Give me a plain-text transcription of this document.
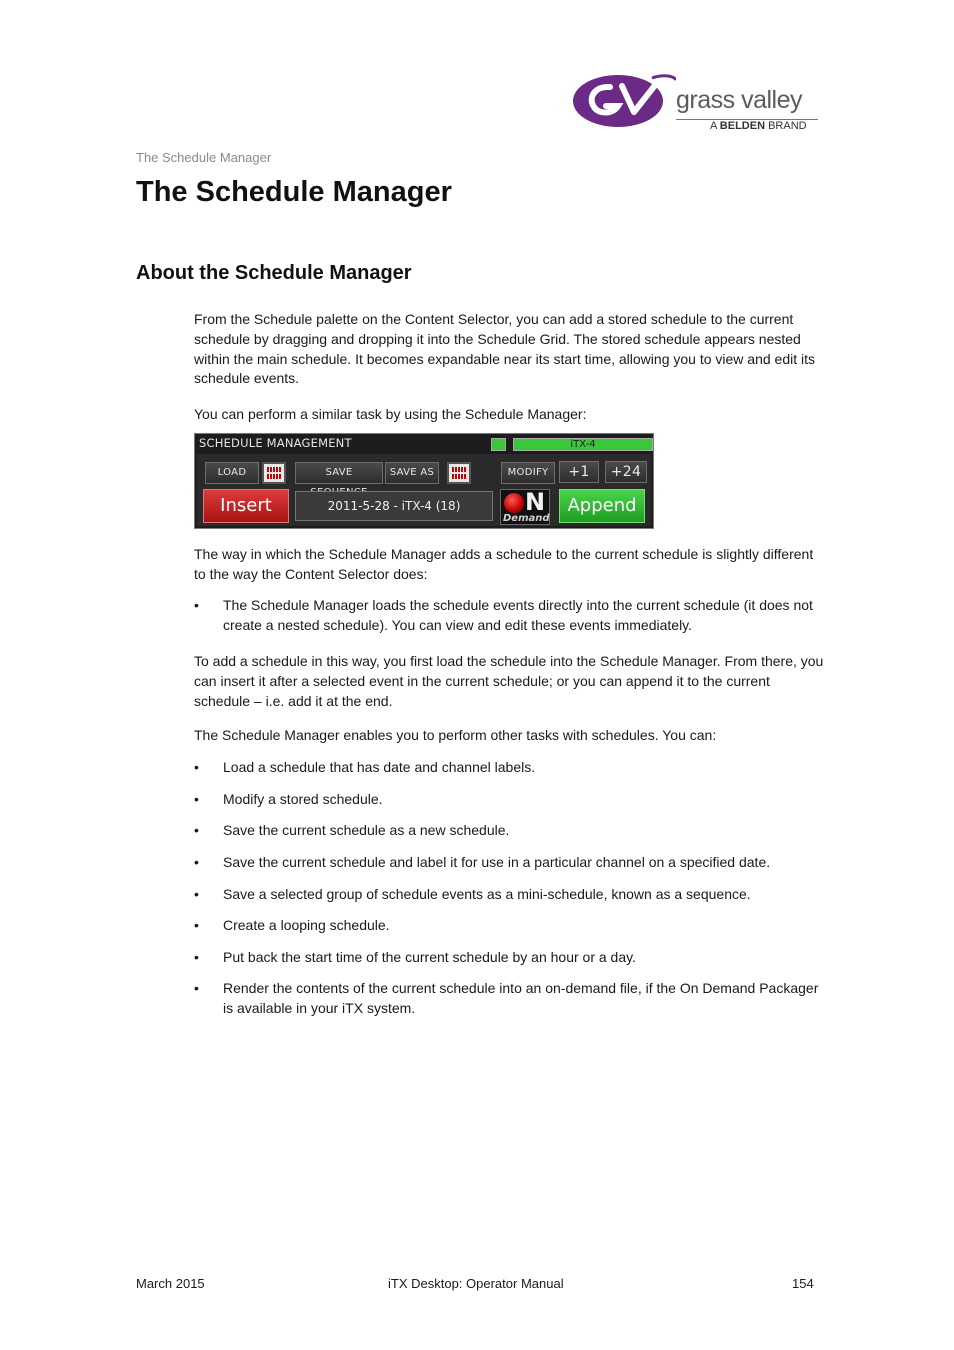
grass valley
A BELDEN BRAND
The Schedule Manager
The Schedule Manager
About the Schedule Manager

From the Schedule palette on the Content Selector, you can add a stored schedule to the current schedule by dragging and dropping it into the Schedule Grid. The stored schedule appears nested within the main schedule. It becomes expandable near its start time, allowing you to view and edit its schedule events.

You can perform a similar task by using the Schedule Manager:

SCHEDULE MANAGEMENT	iTX-4
LOAD	SAVE	SAVE AS	MODIFY	+1	+24
Insert	2011-5-28 - iTX-4 (18)	N
Demand
Append

The way in which the Schedule Manager adds a schedule to the current schedule is slightly different to the way the Content Selector does:

•	The Schedule Manager loads the schedule events directly into the current schedule (it does not create a nested schedule). You can view and edit these events immediately.

To add a schedule in this way, you first load the schedule into the Schedule Manager. From there, you can insert it after a selected event in the current schedule; or you can append it to the current schedule – i.e. add it at the end.

The Schedule Manager enables you to perform other tasks with schedules. You can:

•	Load a schedule that has date and channel labels.
•	Modify a stored schedule.
•	Save the current schedule as a new schedule.
•	Save the current schedule and label it for use in a particular channel on a specified date.
•	Save a selected group of schedule events as a mini-schedule, known as a sequence.
•	Create a looping schedule.
•	Put back the start time of the current schedule by an hour or a day.
•	Render the contents of the current schedule into an on-demand file, if the On Demand Packager is available in your iTX system.
March 2015	iTX Desktop: Operator Manual	154
